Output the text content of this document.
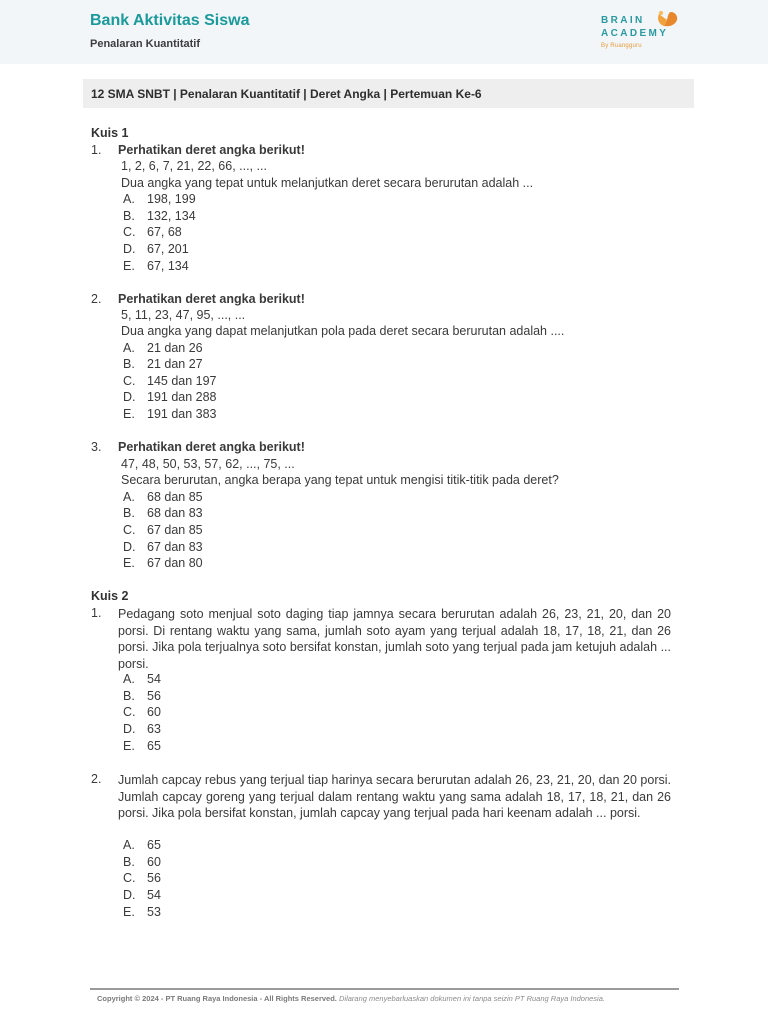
Bank Aktivitas Siswa
Penalaran Kuantitatif
BRAIN
ACADEMY
By Ruangguru
12 SMA SNBT | Penalaran Kuantitatif | Deret Angka | Pertemuan Ke-6
Kuis 1
1. Perhatikan deret angka berikut!
1, 2, 6, 7, 21, 22, 66, ..., ...
Dua angka yang tepat untuk melanjutkan deret secara berurutan adalah ...
A. 198, 199
B. 132, 134
C. 67, 68
D. 67, 201
E. 67, 134
2. Perhatikan deret angka berikut!
5, 11, 23, 47, 95, ..., ...
Dua angka yang dapat melanjutkan pola pada deret secara berurutan adalah ....
A. 21 dan 26
B. 21 dan 27
C. 145 dan 197
D. 191 dan 288
E. 191 dan 383
3. Perhatikan deret angka berikut!
47, 48, 50, 53, 57, 62, ..., 75, ...
Secara berurutan, angka berapa yang tepat untuk mengisi titik-titik pada deret?
A. 68 dan 85
B. 68 dan 83
C. 67 dan 85
D. 67 dan 83
E. 67 dan 80
Kuis 2
1. Pedagang soto menjual soto daging tiap jamnya secara berurutan adalah 26, 23, 21, 20, dan 20 porsi. Di rentang waktu yang sama, jumlah soto ayam yang terjual adalah 18, 17, 18, 21, dan 26 porsi. Jika pola terjualnya soto bersifat konstan, jumlah soto yang terjual pada jam ketujuh adalah ... porsi.
A. 54
B. 56
C. 60
D. 63
E. 65
2. Jumlah capcay rebus yang terjual tiap harinya secara berurutan adalah 26, 23, 21, 20, dan 20 porsi. Jumlah capcay goreng yang terjual dalam rentang waktu yang sama adalah 18, 17, 18, 21, dan 26 porsi. Jika pola bersifat konstan, jumlah capcay yang terjual pada hari keenam adalah ... porsi.
A. 65
B. 60
C. 56
D. 54
E. 53
Copyright © 2024 - PT Ruang Raya Indonesia - All Rights Reserved. Dilarang menyebarluaskan dokumen ini tanpa seizin PT Ruang Raya Indonesia.
